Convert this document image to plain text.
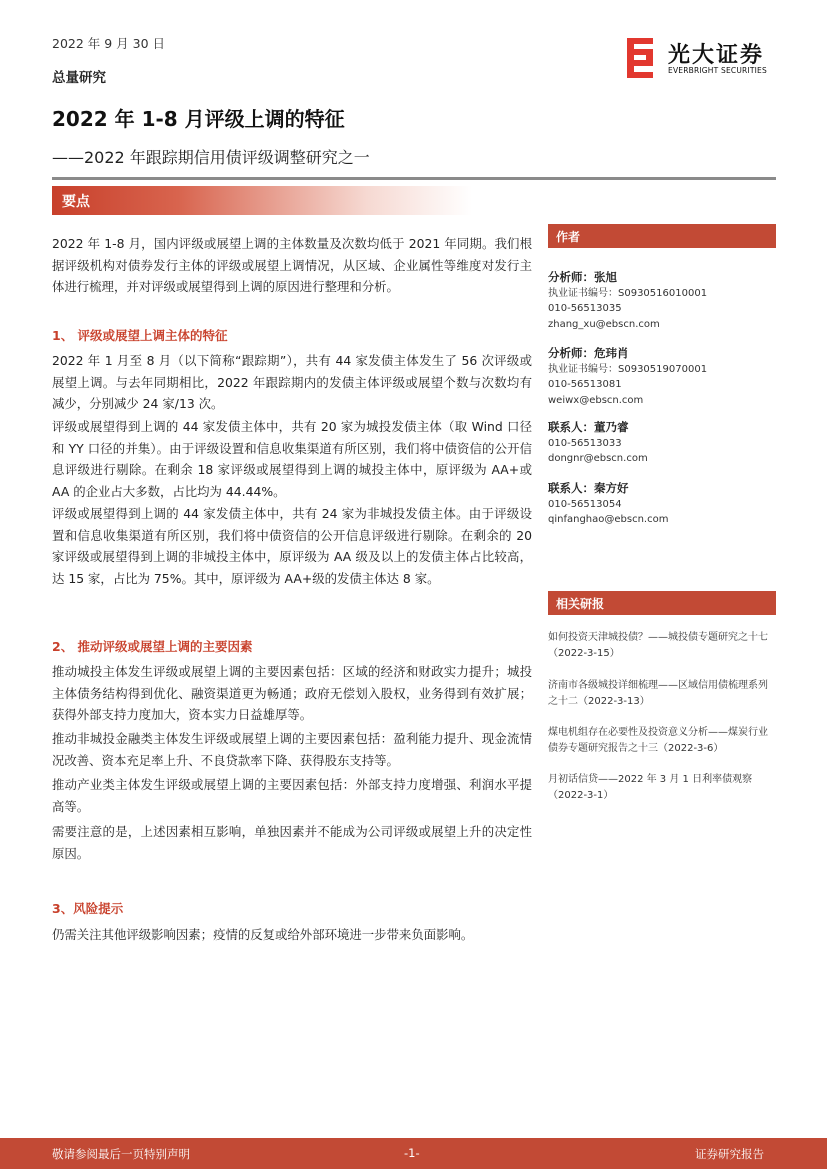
2022 年 9 月 30 日
总量研究
光大证券
EVERBRIGHT SECURITIES
2022 年 1-8 月评级上调的特征
——2022 年跟踪期信用债评级调整研究之一
要点
2022 年 1-8 月，国内评级或展望上调的主体数量及次数均低于 2021 年同期。我们根据评级机构对债券发行主体的评级或展望上调情况，从区域、企业属性等维度对发行主体进行梳理，并对评级或展望得到上调的原因进行整理和分析。
1、 评级或展望上调主体的特征
2022 年 1 月至 8 月（以下简称“跟踪期”），共有 44 家发债主体发生了 56 次评级或展望上调。与去年同期相比，2022 年跟踪期内的发债主体评级或展望个数与次数均有减少，分别减少 24 家/13 次。
评级或展望得到上调的 44 家发债主体中，共有 20 家为城投发债主体（取 Wind 口径和 YY 口径的并集）。由于评级设置和信息收集渠道有所区别，我们将中债资信的公开信息评级进行剔除。在剩余 18 家评级或展望得到上调的城投主体中，原评级为 AA+或 AA 的企业占大多数，占比均为 44.44%。
评级或展望得到上调的 44 家发债主体中，共有 24 家为非城投发债主体。由于评级设置和信息收集渠道有所区别，我们将中债资信的公开信息评级进行剔除。在剩余的 20 家评级或展望得到上调的非城投主体中，原评级为 AA 级及以上的发债主体占比较高，达 15 家，占比为 75%。其中，原评级为 AA+级的发债主体达 8 家。
2、 推动评级或展望上调的主要因素
推动城投主体发生评级或展望上调的主要因素包括：区域的经济和财政实力提升；城投主体债务结构得到优化、融资渠道更为畅通；政府无偿划入股权，业务得到有效扩展；获得外部支持力度加大，资本实力日益雄厚等。
推动非城投金融类主体发生评级或展望上调的主要因素包括：盈利能力提升、现金流情况改善、资本充足率上升、不良贷款率下降、获得股东支持等。
推动产业类主体发生评级或展望上调的主要因素包括：外部支持力度增强、利润水平提高等。
需要注意的是，上述因素相互影响，单独因素并不能成为公司评级或展望上升的决定性原因。
3、风险提示
仍需关注其他评级影响因素；疫情的反复或给外部环境进一步带来负面影响。
作者
分析师：张旭
执业证书编号：S0930516010001
010-56513035
zhang_xu@ebscn.com
分析师：危玮肖
执业证书编号：S0930519070001
010-56513081
weiwx@ebscn.com
联系人：董乃睿
010-56513033
dongnr@ebscn.com
联系人：秦方好
010-56513054
qinfanghao@ebscn.com
相关研报
如何投资天津城投债？——城投债专题研究之十七（2022-3-15）
济南市各级城投详细梳理——区域信用债梳理系列之十二（2022-3-13）
煤电机组存在必要性及投资意义分析——煤炭行业债券专题研究报告之十三（2022-3-6）
月初话信贷——2022 年 3 月 1 日利率债观察（2022-3-1）
敬请参阅最后一页特别声明	-1-	证券研究报告
